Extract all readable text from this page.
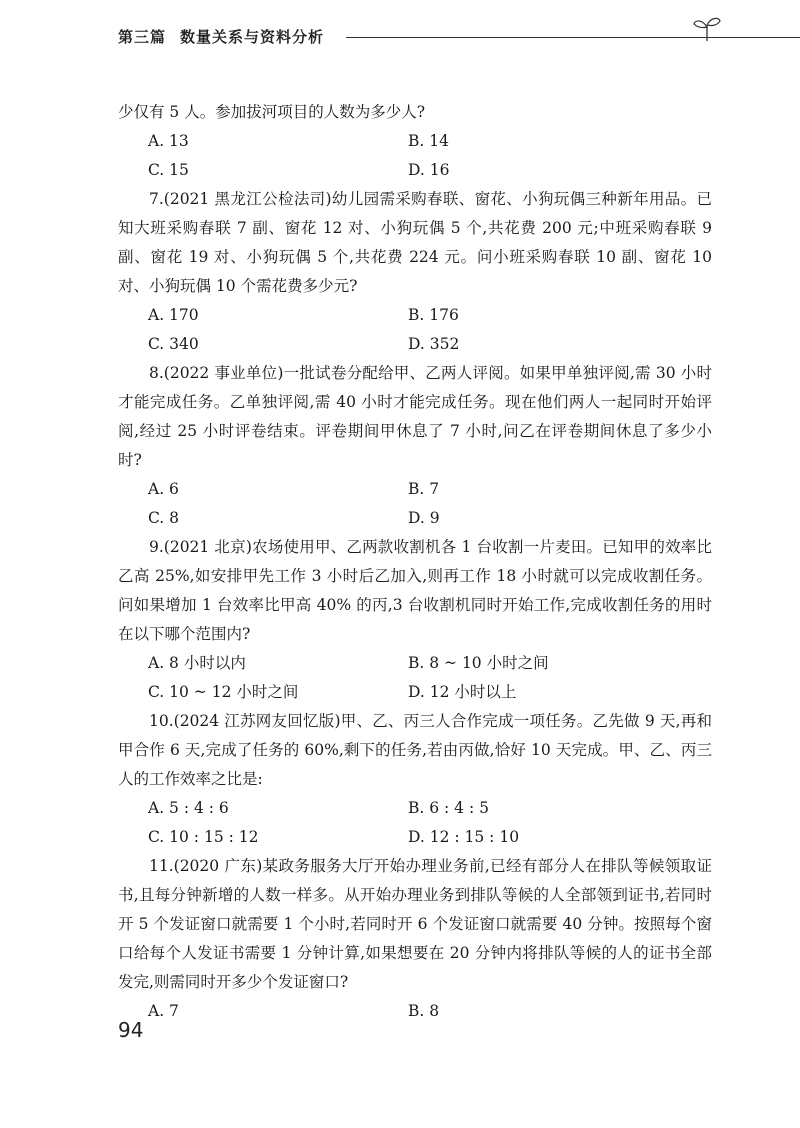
第三篇 数量关系与资料分析

少仅有 5 人。参加拔河项目的人数为多少人?

A. 13	B. 14
C. 15	D. 16

7.(2021 黑龙江公检法司)幼儿园需采购春联、窗花、小狗玩偶三种新年用品。已知大班采购春联 7 副、窗花 12 对、小狗玩偶 5 个,共花费 200 元;中班采购春联 9 副、窗花 19 对、小狗玩偶 5 个,共花费 224 元。问小班采购春联 10 副、窗花 10 对、小狗玩偶 10 个需花费多少元?

A. 170	B. 176
C. 340	D. 352

8.(2022 事业单位)一批试卷分配给甲、乙两人评阅。如果甲单独评阅,需 30 小时才能完成任务。乙单独评阅,需 40 小时才能完成任务。现在他们两人一起同时开始评阅,经过 25 小时评卷结束。评卷期间甲休息了 7 小时,问乙在评卷期间休息了多少小时?

A. 6	B. 7
C. 8	D. 9

9.(2021 北京)农场使用甲、乙两款收割机各 1 台收割一片麦田。已知甲的效率比乙高 25%,如安排甲先工作 3 小时后乙加入,则再工作 18 小时就可以完成收割任务。问如果增加 1 台效率比甲高 40% 的丙,3 台收割机同时开始工作,完成收割任务的用时在以下哪个范围内?

A. 8 小时以内	B. 8 ~ 10 小时之间
C. 10 ~ 12 小时之间	D. 12 小时以上

10.(2024 江苏网友回忆版)甲、乙、丙三人合作完成一项任务。乙先做 9 天,再和甲合作 6 天,完成了任务的 60%,剩下的任务,若由丙做,恰好 10 天完成。甲、乙、丙三人的工作效率之比是:

A. 5 : 4 : 6	B. 6 : 4 : 5
C. 10 : 15 : 12	D. 12 : 15 : 10

11.(2020 广东)某政务服务大厅开始办理业务前,已经有部分人在排队等候领取证书,且每分钟新增的人数一样多。从开始办理业务到排队等候的人全部领到证书,若同时开 5 个发证窗口就需要 1 个小时,若同时开 6 个发证窗口就需要 40 分钟。按照每个窗口给每个人发证书需要 1 分钟计算,如果想要在 20 分钟内将排队等候的人的证书全部发完,则需同时开多少个发证窗口?

A. 7	B. 8
94
